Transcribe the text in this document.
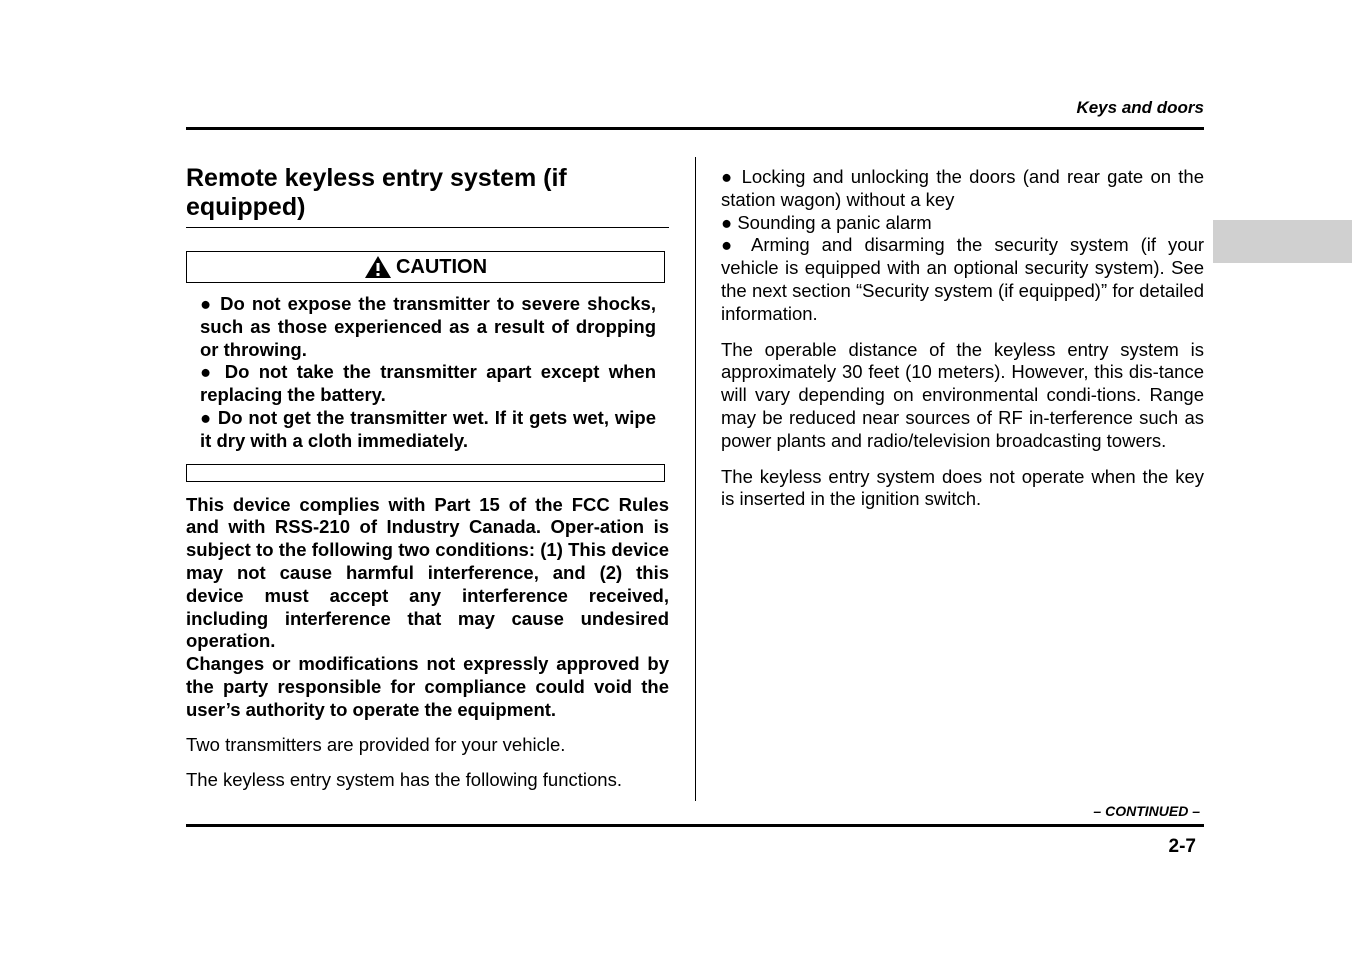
Keys and doors
Remote keyless entry system (if equipped)
CAUTION

● Do not expose the transmitter to severe shocks, such as those experienced as a result of dropping or throwing.

● Do not take the transmitter apart except when replacing the battery.

● Do not get the transmitter wet. If it gets wet, wipe it dry with a cloth immediately.

This device complies with Part 15 of the FCC Rules and with RSS-210 of Industry Canada. Oper-ation is subject to the following two conditions: (1) This device may not cause harmful interference, and (2) this device must accept any interference received, including interference that may cause undesired operation.

Changes or modifications not expressly approved by the party responsible for compliance could void the user’s authority to operate the equipment.

Two transmitters are provided for your vehicle.

The keyless entry system has the following functions.

● Locking and unlocking the doors (and rear gate on the station wagon) without a key

● Sounding a panic alarm

● Arming and disarming the security system (if your vehicle is equipped with an optional security system). See the next section “Security system (if equipped)” for detailed information.

The operable distance of the keyless entry system is approximately 30 feet (10 meters). However, this dis-tance will vary depending on environmental condi-tions. Range may be reduced near sources of RF in-terference such as power plants and radio/television broadcasting towers.

The keyless entry system does not operate when the key is inserted in the ignition switch.

– CONTINUED –
2-7
